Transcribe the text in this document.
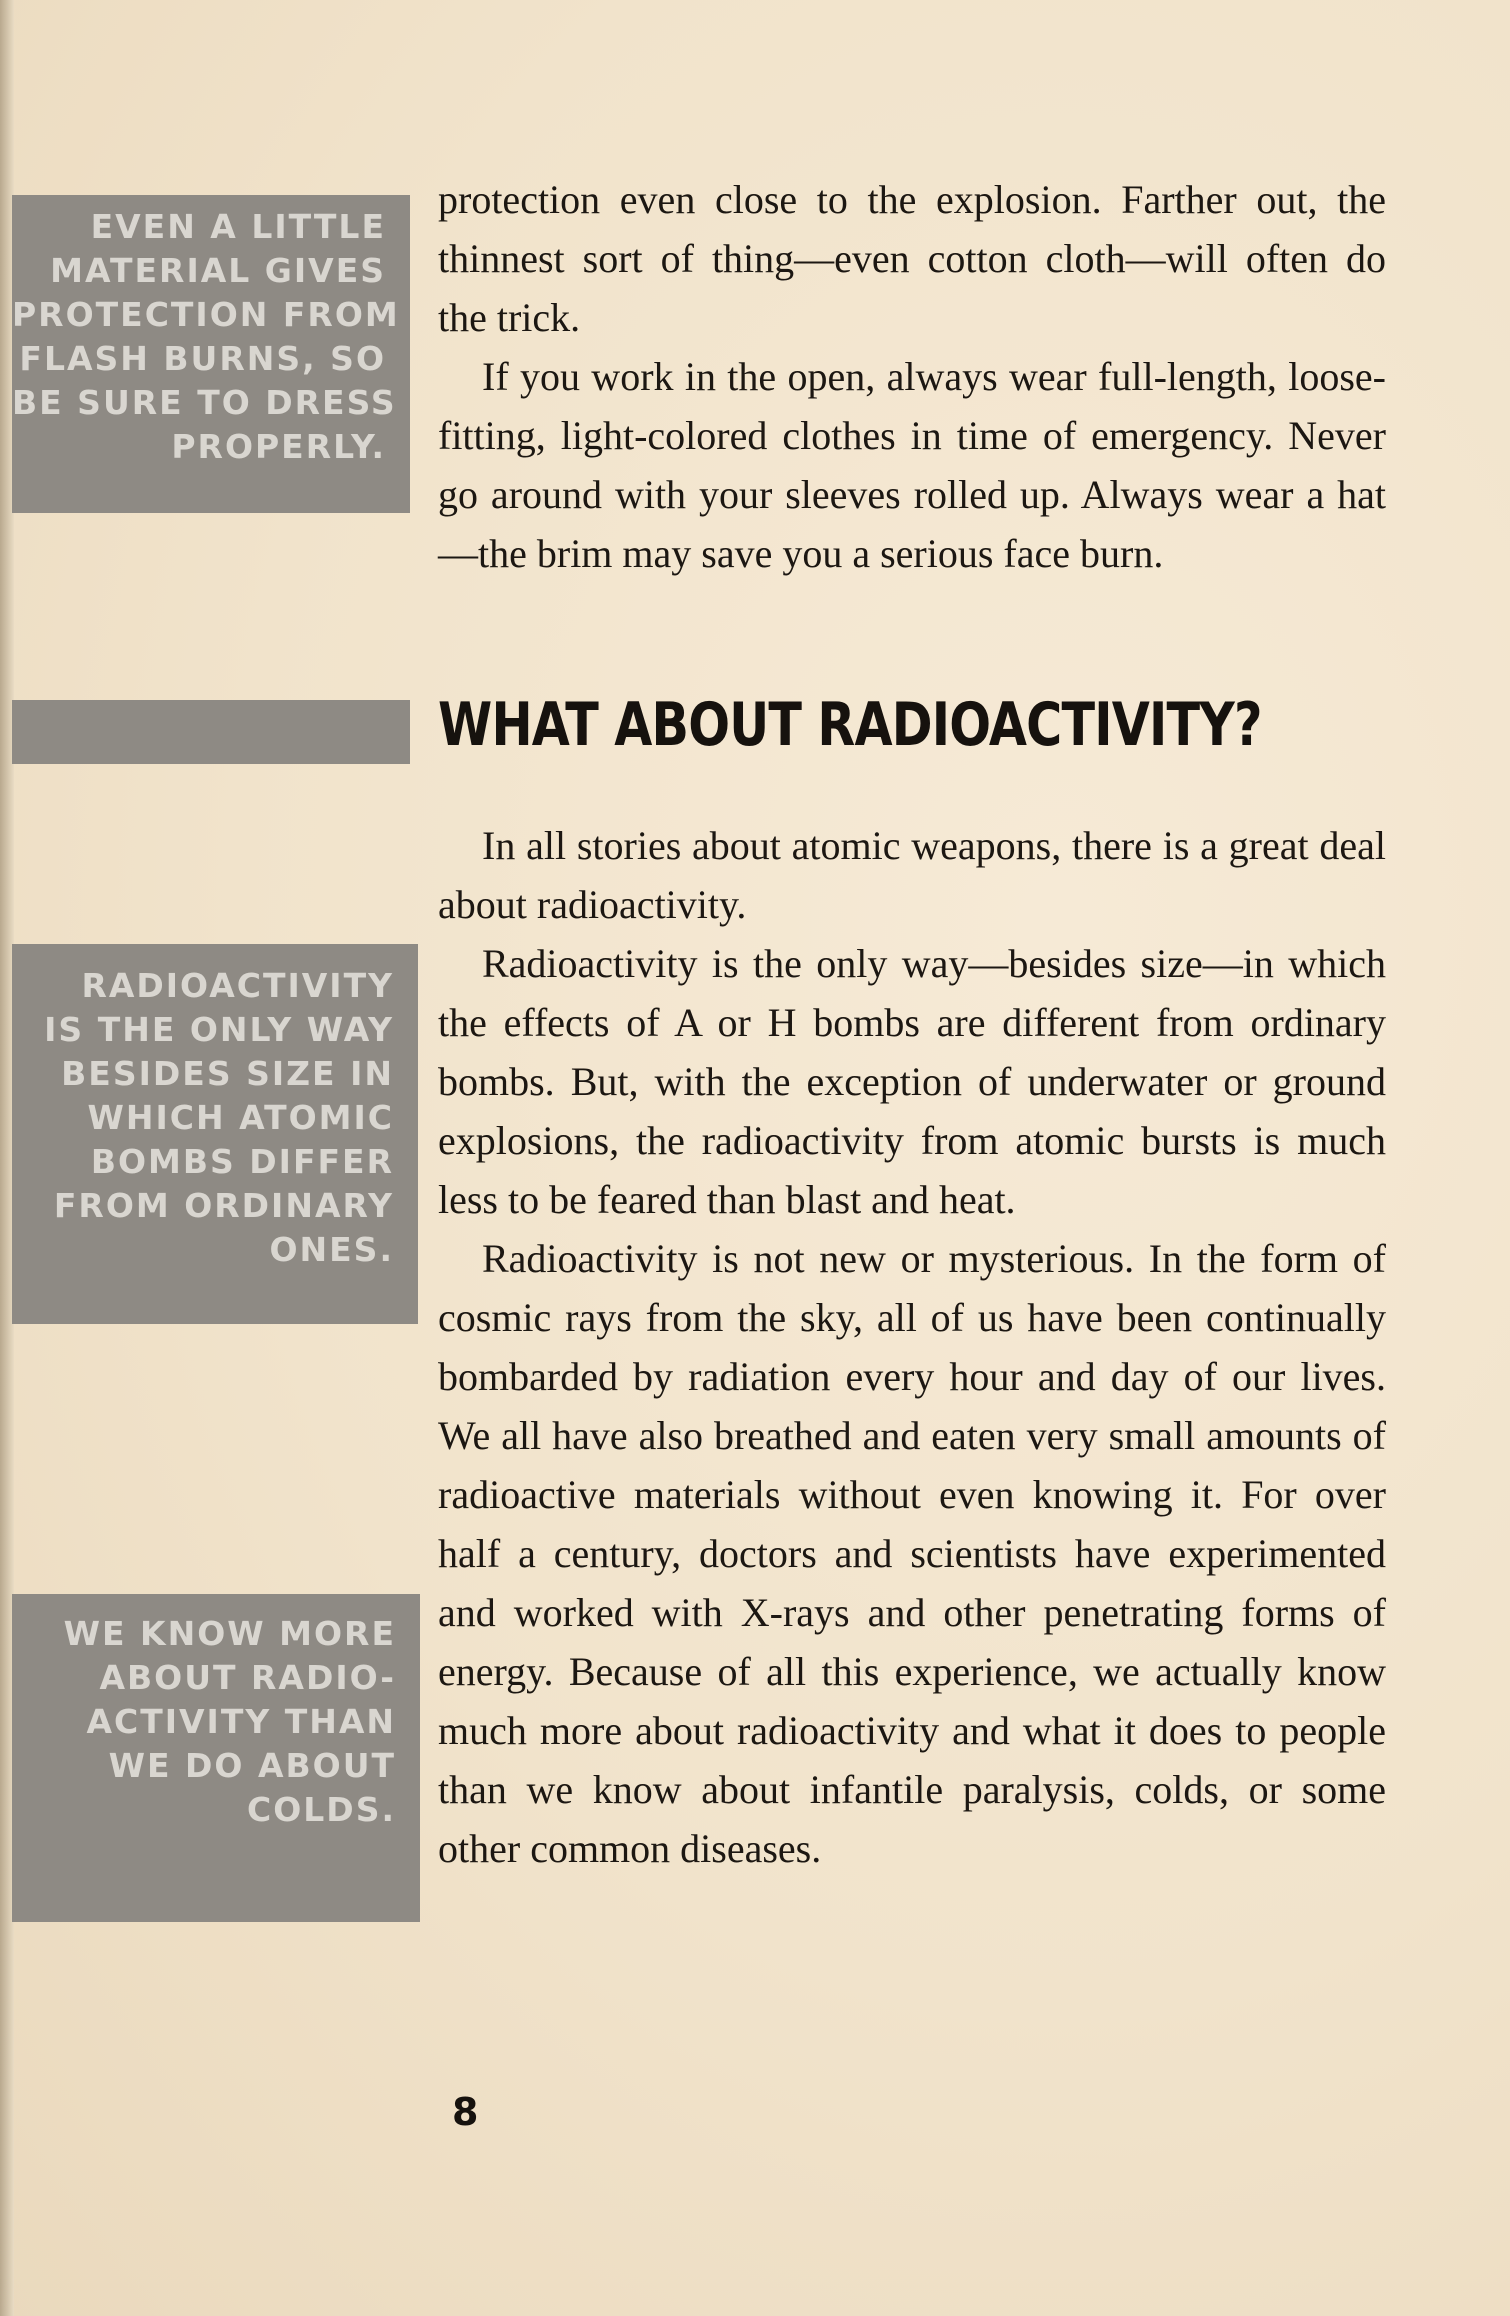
EVEN A LITTLE
MATERIAL GIVES
PROTECTION FROM
FLASH BURNS, SO
BE SURE TO DRESS
PROPERLY.
RADIOACTIVITY
IS THE ONLY WAY
BESIDES SIZE IN
WHICH ATOMIC
BOMBS DIFFER
FROM ORDINARY
ONES.
WE KNOW MORE
ABOUT RADIO-
ACTIVITY THAN
WE DO ABOUT
COLDS.

protection even close to the explosion. Farther out, the thinnest sort of thing—even cotton cloth—will often do the trick.

If you work in the open, always wear full-length, loose-fitting, light-colored clothes in time of emergency. Never go around with your sleeves rolled up. Always wear a hat—the brim may save you a serious face burn.

WHAT ABOUT RADIOACTIVITY?

In all stories about atomic weapons, there is a great deal about radioactivity.

Radioactivity is the only way—besides size—in which the effects of A or H bombs are different from ordinary bombs. But, with the exception of underwater or ground explosions, the radioactivity from atomic bursts is much less to be feared than blast and heat.

Radioactivity is not new or mysterious. In the form of cosmic rays from the sky, all of us have been continually bombarded by radiation every hour and day of our lives. We all have also breathed and eaten very small amounts of radioactive materials without even knowing it. For over half a century, doctors and scientists have experimented and worked with X-rays and other penetrating forms of energy. Because of all this experience, we actually know much more about radioactivity and what it does to people than we know about infantile paralysis, colds, or some other common diseases.

8
